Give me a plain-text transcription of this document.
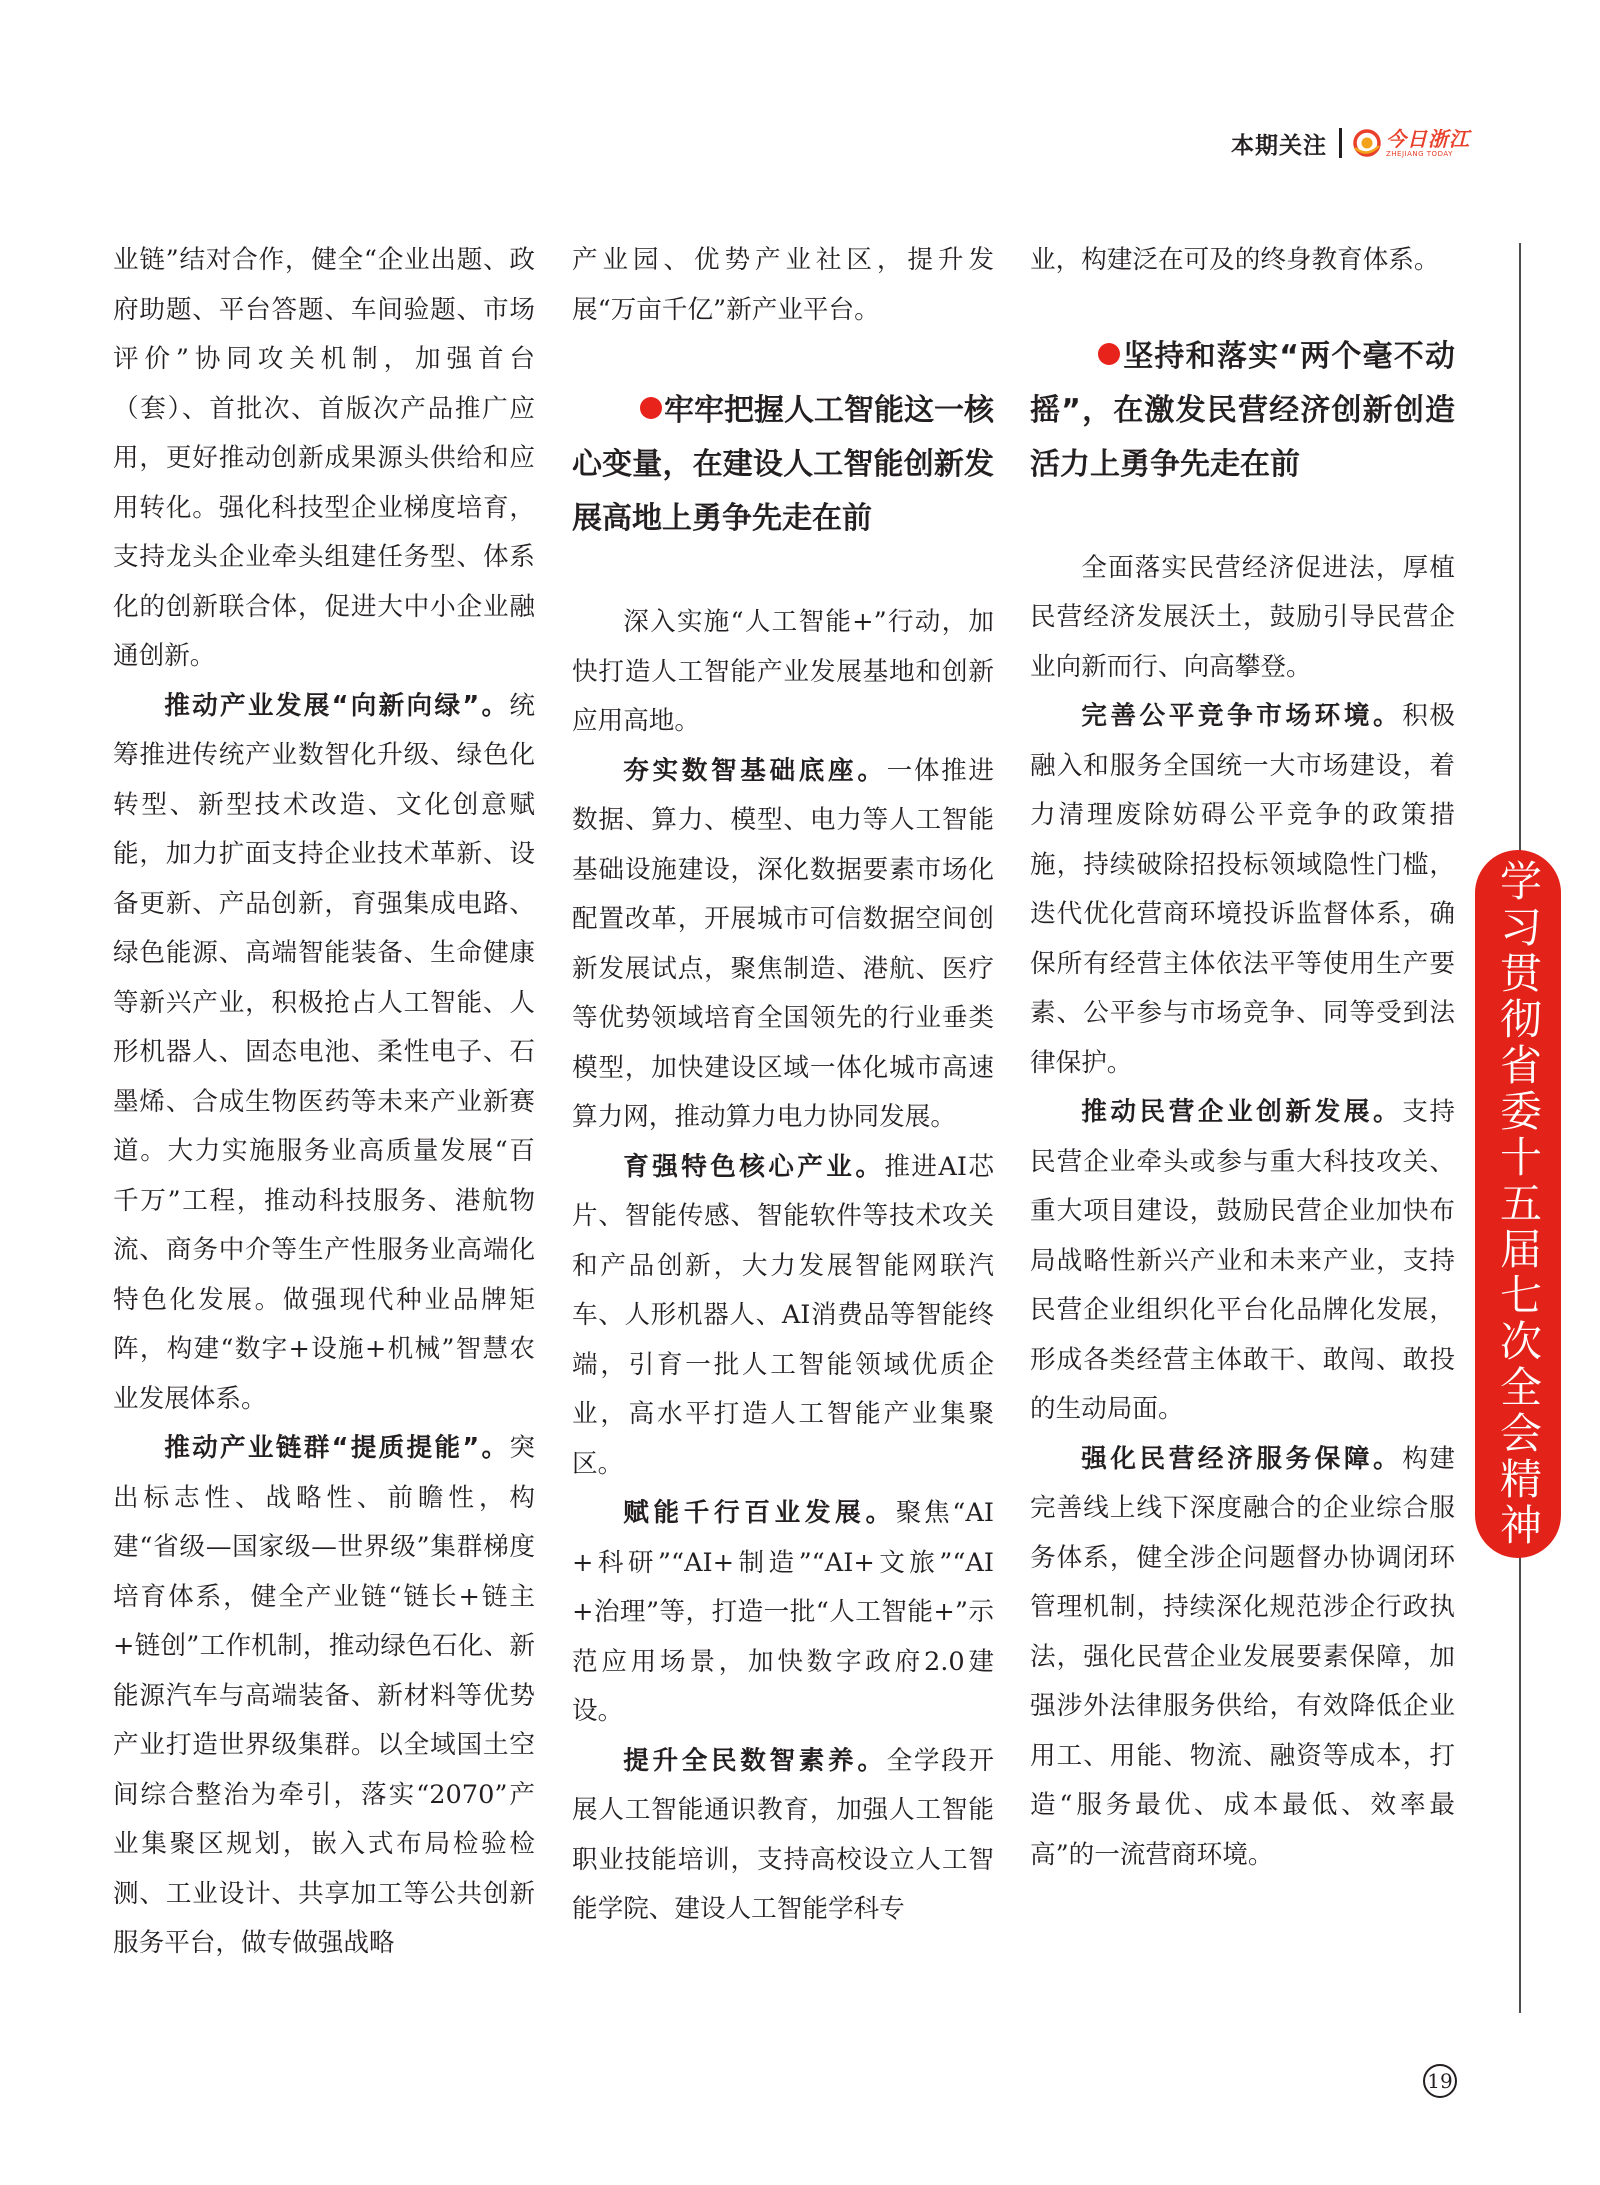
本期关注	今日浙江
ZHEJIANG TODAY

业链”结对合作，健全“企业出题、政府助题、平台答题、车间验题、市场评价”协同攻关机制，加强首台（套）、首批次、首版次产品推广应用，更好推动创新成果源头供给和应用转化。强化科技型企业梯度培育，支持龙头企业牵头组建任务型、体系化的创新联合体，促进大中小企业融通创新。

推动产业发展“向新向绿”。统筹推进传统产业数智化升级、绿色化转型、新型技术改造、文化创意赋能，加力扩面支持企业技术革新、设备更新、产品创新，育强集成电路、绿色能源、高端智能装备、生命健康等新兴产业，积极抢占人工智能、人形机器人、固态电池、柔性电子、石墨烯、合成生物医药等未来产业新赛道。大力实施服务业高质量发展“百千万”工程，推动科技服务、港航物流、商务中介等生产性服务业高端化特色化发展。做强现代种业品牌矩阵，构建“数字+设施+机械”智慧农业发展体系。

推动产业链群“提质提能”。突出标志性、战略性、前瞻性，构建“省级—国家级—世界级”集群梯度培育体系，健全产业链“链长+链主+链创”工作机制，推动绿色石化、新能源汽车与高端装备、新材料等优势产业打造世界级集群。以全域国土空间综合整治为牵引，落实“2070”产业集聚区规划，嵌入式布局检验检测、工业设计、共享加工等公共创新服务平台，做专做强战略

产业园、优势产业社区，提升发展“万亩千亿”新产业平台。

牢牢把握人工智能这一核心变量，在建设人工智能创新发展高地上勇争先走在前

深入实施“人工智能+”行动，加快打造人工智能产业发展基地和创新应用高地。

夯实数智基础底座。一体推进数据、算力、模型、电力等人工智能基础设施建设，深化数据要素市场化配置改革，开展城市可信数据空间创新发展试点，聚焦制造、港航、医疗等优势领域培育全国领先的行业垂类模型，加快建设区域一体化城市高速算力网，推动算力电力协同发展。

育强特色核心产业。推进AI芯片、智能传感、智能软件等技术攻关和产品创新，大力发展智能网联汽车、人形机器人、AI消费品等智能终端，引育一批人工智能领域优质企业，高水平打造人工智能产业集聚区。

赋能千行百业发展。聚焦“AI+科研”“AI+制造”“AI+文旅”“AI+治理”等，打造一批“人工智能+”示范应用场景，加快数字政府2.0建设。

提升全民数智素养。全学段开展人工智能通识教育，加强人工智能职业技能培训，支持高校设立人工智能学院、建设人工智能学科专

业，构建泛在可及的终身教育体系。

坚持和落实“两个毫不动摇”，在激发民营经济创新创造活力上勇争先走在前

全面落实民营经济促进法，厚植民营经济发展沃土，鼓励引导民营企业向新而行、向高攀登。

完善公平竞争市场环境。积极融入和服务全国统一大市场建设，着力清理废除妨碍公平竞争的政策措施，持续破除招投标领域隐性门槛，迭代优化营商环境投诉监督体系，确保所有经营主体依法平等使用生产要素、公平参与市场竞争、同等受到法律保护。

推动民营企业创新发展。支持民营企业牵头或参与重大科技攻关、重大项目建设，鼓励民营企业加快布局战略性新兴产业和未来产业，支持民营企业组织化平台化品牌化发展，形成各类经营主体敢干、敢闯、敢投的生动局面。

强化民营经济服务保障。构建完善线上线下深度融合的企业综合服务体系，健全涉企问题督办协调闭环管理机制，持续深化规范涉企行政执法，强化民营企业发展要素保障，加强涉外法律服务供给，有效降低企业用工、用能、物流、融资等成本，打造“服务最优、成本最低、效率最高”的一流营商环境。

学习贯彻省委十五届七次全会精神
19
